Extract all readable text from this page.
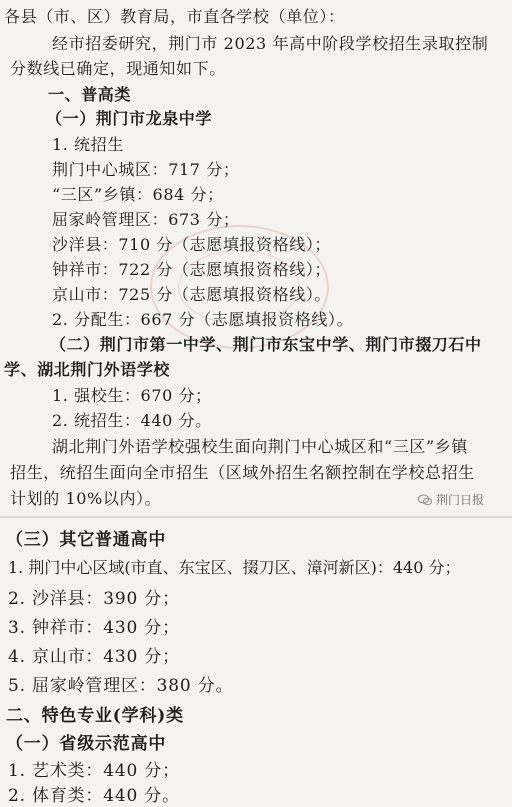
各县（市、区）教育局，市直各学校（单位）：
经市招委研究，荆门市 2023 年高中阶段学校招生录取控制
分数线已确定，现通知如下。
一、普高类
（一）荆门市龙泉中学
1. 统招生
荆门中心城区：717 分；
“三区”乡镇：684 分；
屈家岭管理区：673 分；
沙洋县：710 分（志愿填报资格线）；
钟祥市：722 分（志愿填报资格线）；
京山市：725 分（志愿填报资格线）。
2. 分配生：667 分（志愿填报资格线）。
（二）荆门市第一中学、荆门市东宝中学、荆门市掇刀石中
学、湖北荆门外语学校
1. 强校生：670 分；
2. 统招生：440 分。
湖北荆门外语学校强校生面向荆门中心城区和“三区”乡镇
招生，统招生面向全市招生（区域外招生名额控制在学校总招生
计划的 10%以内）。	荆门日报
（三）其它普通高中
1. 荆门中心区域(市直、东宝区、掇刀区、漳河新区)：440 分；
2. 沙洋县：390 分；
3. 钟祥市：430 分；
4. 京山市：430 分；
5. 屈家岭管理区：380 分。
二、特色专业(学科)类
（一）省级示范高中
1. 艺术类：440 分；
2. 体育类：440 分。
